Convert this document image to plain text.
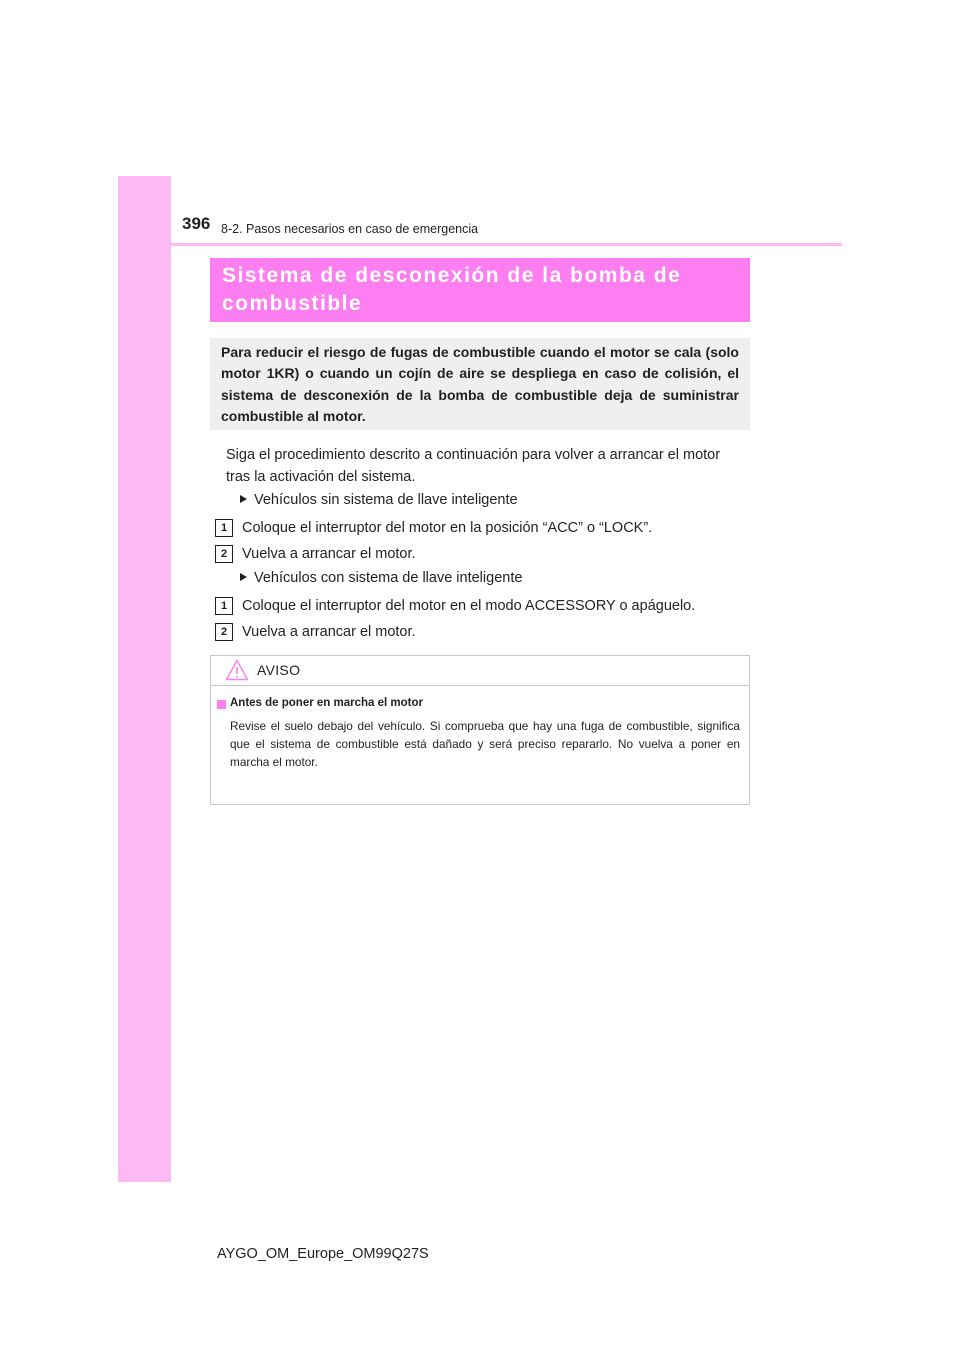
396 8-2. Pasos necesarios en caso de emergencia

Sistema de desconexión de la bomba de

combustible

Para reducir el riesgo de fugas de combustible cuando el motor se cala (solo motor 1KR) o cuando un cojín de aire se despliega en caso de colisión, el sistema de desconexión de la bomba de combustible deja de suministrar combustible al motor.

Siga el procedimiento descrito a continuación para volver a arrancar el motor tras la activación del sistema.

Vehículos sin sistema de llave inteligente
1	Coloque el interruptor del motor en la posición “ACC” o “LOCK”.
2	Vuelva a arrancar el motor.
Vehículos con sistema de llave inteligente
1	Coloque el interruptor del motor en el modo ACCESSORY o apáguelo.
2	Vuelva a arrancar el motor.
AVISO
Antes de poner en marcha el motor

Revise el suelo debajo del vehículo. Si comprueba que hay una fuga de combustible, significa que el sistema de combustible está dañado y será preciso repararlo. No vuelva a poner en marcha el motor.

AYGO_OM_Europe_OM99Q27S
